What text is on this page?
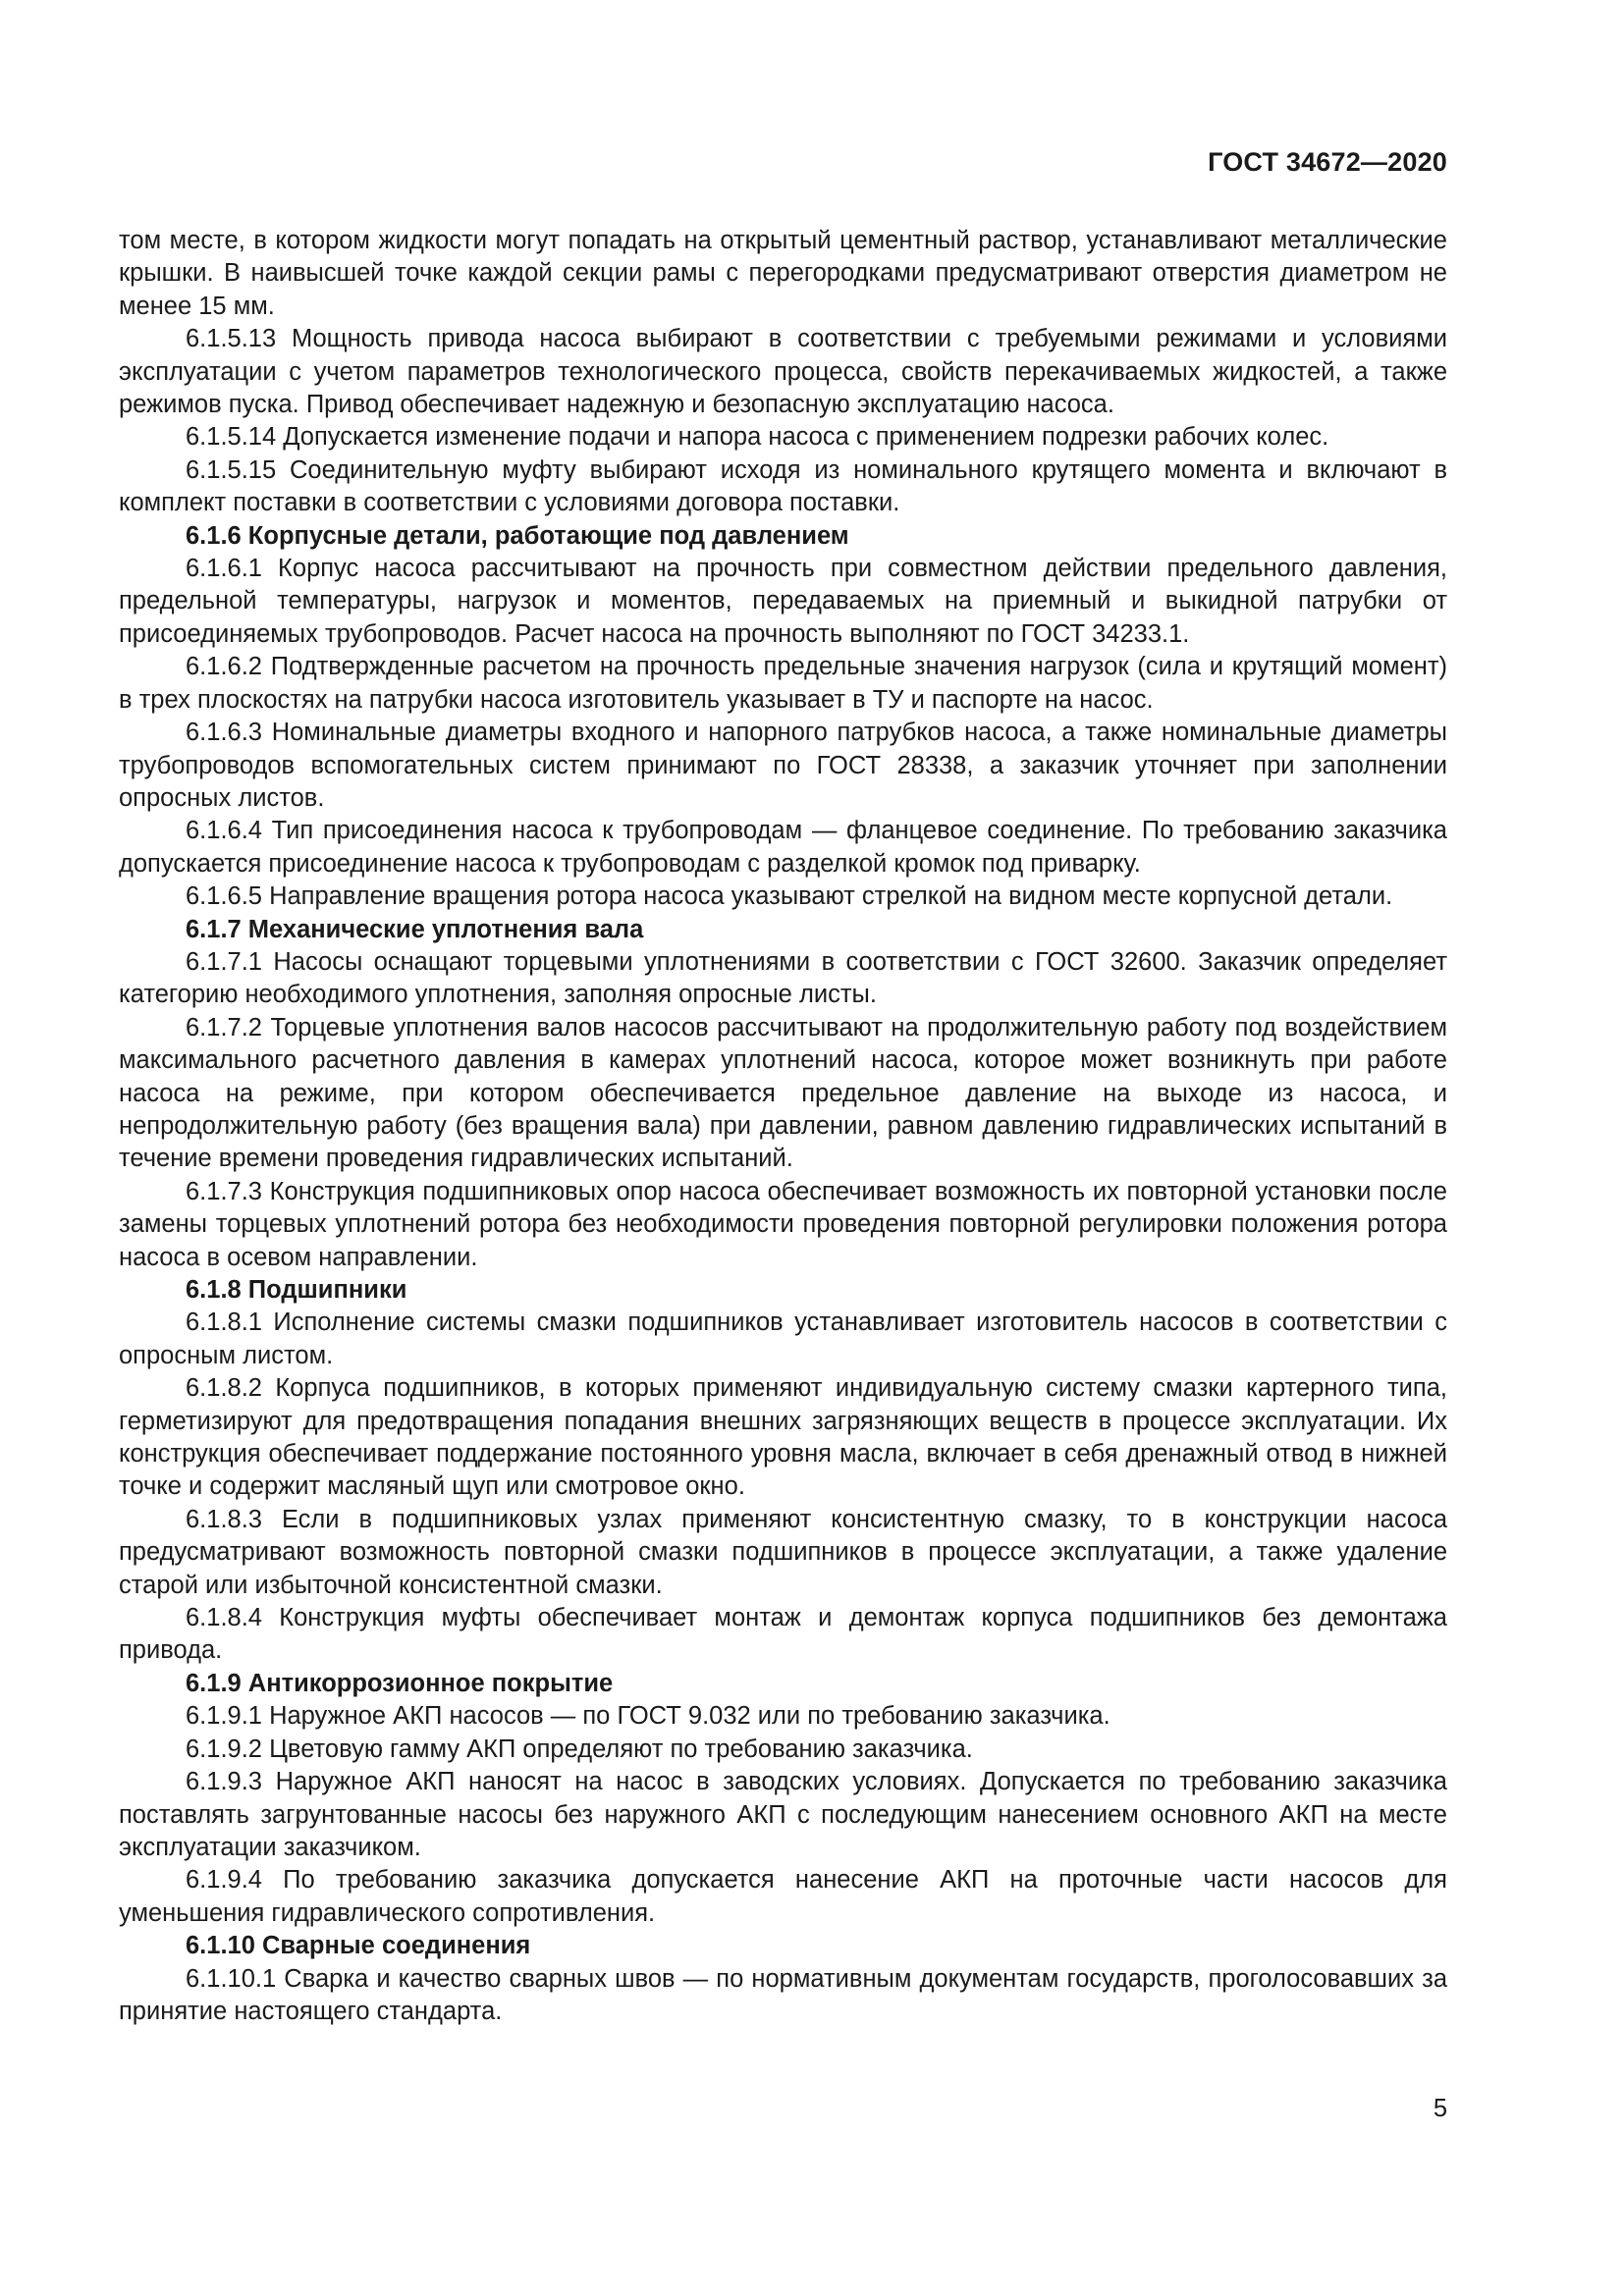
ГОСТ 34672—2020

том месте, в котором жидкости могут попадать на открытый цементный раствор, устанавливают металлические крышки. В наивысшей точке каждой секции рамы с перегородками предусматривают отверстия диаметром не менее 15 мм.

6.1.5.13 Мощность привода насоса выбирают в соответствии с требуемыми режимами и условиями эксплуатации с учетом параметров технологического процесса, свойств перекачиваемых жидкостей, а также режимов пуска. Привод обеспечивает надежную и безопасную эксплуатацию насоса.

6.1.5.14 Допускается изменение подачи и напора насоса с применением подрезки рабочих колес.

6.1.5.15 Соединительную муфту выбирают исходя из номинального крутящего момента и включают в комплект поставки в соответствии с условиями договора поставки.

6.1.6 Корпусные детали, работающие под давлением

6.1.6.1 Корпус насоса рассчитывают на прочность при совместном действии предельного давления, предельной температуры, нагрузок и моментов, передаваемых на приемный и выкидной патрубки от присоединяемых трубопроводов. Расчет насоса на прочность выполняют по ГОСТ 34233.1.

6.1.6.2 Подтвержденные расчетом на прочность предельные значения нагрузок (сила и крутящий момент) в трех плоскостях на патрубки насоса изготовитель указывает в ТУ и паспорте на насос.

6.1.6.3 Номинальные диаметры входного и напорного патрубков насоса, а также номинальные диаметры трубопроводов вспомогательных систем принимают по ГОСТ 28338, а заказчик уточняет при заполнении опросных листов.

6.1.6.4 Тип присоединения насоса к трубопроводам — фланцевое соединение. По требованию заказчика допускается присоединение насоса к трубопроводам с разделкой кромок под приварку.

6.1.6.5 Направление вращения ротора насоса указывают стрелкой на видном месте корпусной детали.

6.1.7 Механические уплотнения вала

6.1.7.1 Насосы оснащают торцевыми уплотнениями в соответствии с ГОСТ 32600. Заказчик определяет категорию необходимого уплотнения, заполняя опросные листы.

6.1.7.2 Торцевые уплотнения валов насосов рассчитывают на продолжительную работу под воздействием максимального расчетного давления в камерах уплотнений насоса, которое может возникнуть при работе насоса на режиме, при котором обеспечивается предельное давление на выходе из насоса, и непродолжительную работу (без вращения вала) при давлении, равном давлению гидравлических испытаний в течение времени проведения гидравлических испытаний.

6.1.7.3 Конструкция подшипниковых опор насоса обеспечивает возможность их повторной установки после замены торцевых уплотнений ротора без необходимости проведения повторной регулировки положения ротора насоса в осевом направлении.

6.1.8 Подшипники

6.1.8.1 Исполнение системы смазки подшипников устанавливает изготовитель насосов в соответствии с опросным листом.

6.1.8.2 Корпуса подшипников, в которых применяют индивидуальную систему смазки картерного типа, герметизируют для предотвращения попадания внешних загрязняющих веществ в процессе эксплуатации. Их конструкция обеспечивает поддержание постоянного уровня масла, включает в себя дренажный отвод в нижней точке и содержит масляный щуп или смотровое окно.

6.1.8.3 Если в подшипниковых узлах применяют консистентную смазку, то в конструкции насоса предусматривают возможность повторной смазки подшипников в процессе эксплуатации, а также удаление старой или избыточной консистентной смазки.

6.1.8.4 Конструкция муфты обеспечивает монтаж и демонтаж корпуса подшипников без демонтажа привода.

6.1.9 Антикоррозионное покрытие

6.1.9.1 Наружное АКП насосов — по ГОСТ 9.032 или по требованию заказчика.

6.1.9.2 Цветовую гамму АКП определяют по требованию заказчика.

6.1.9.3 Наружное АКП наносят на насос в заводских условиях. Допускается по требованию заказчика поставлять загрунтованные насосы без наружного АКП с последующим нанесением основного АКП на месте эксплуатации заказчиком.

6.1.9.4 По требованию заказчика допускается нанесение АКП на проточные части насосов для уменьшения гидравлического сопротивления.

6.1.10 Сварные соединения

6.1.10.1 Сварка и качество сварных швов — по нормативным документам государств, проголосовавших за принятие настоящего стандарта.

5
